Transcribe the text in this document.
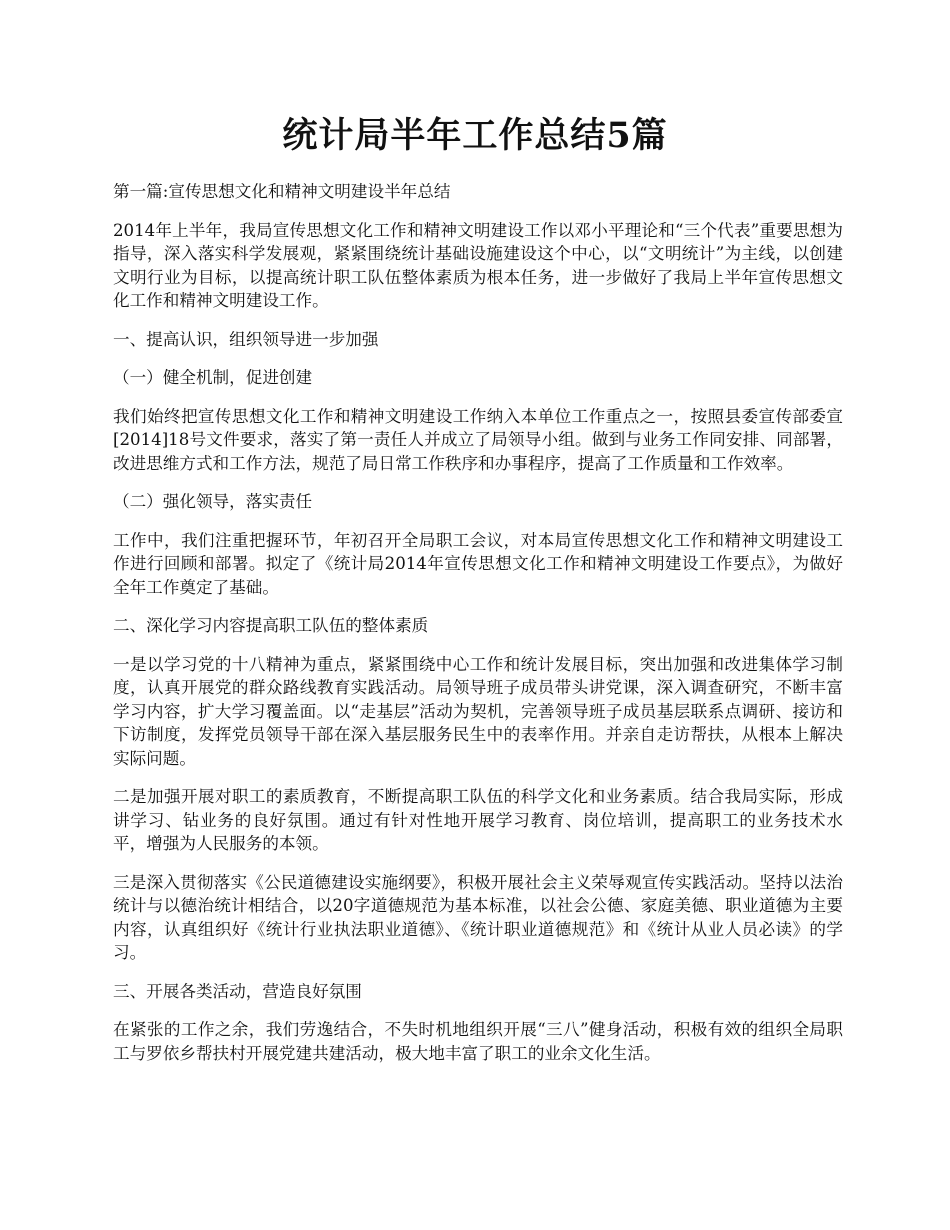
统计局半年工作总结5篇

第一篇:宣传思想文化和精神文明建设半年总结

2014年上半年，我局宣传思想文化工作和精神文明建设工作以邓小平理论和“三个代表”重要思想为指导，深入落实科学发展观，紧紧围绕统计基础设施建设这个中心，以“文明统计”为主线，以创建文明行业为目标，以提高统计职工队伍整体素质为根本任务，进一步做好了我局上半年宣传思想文化工作和精神文明建设工作。

一、提高认识，组织领导进一步加强

（一）健全机制，促进创建

我们始终把宣传思想文化工作和精神文明建设工作纳入本单位工作重点之一，按照县委宣传部委宣[2014]18号文件要求，落实了第一责任人并成立了局领导小组。做到与业务工作同安排、同部署，改进思维方式和工作方法，规范了局日常工作秩序和办事程序，提高了工作质量和工作效率。

（二）强化领导，落实责任

工作中，我们注重把握环节，年初召开全局职工会议，对本局宣传思想文化工作和精神文明建设工作进行回顾和部署。拟定了《统计局2014年宣传思想文化工作和精神文明建设工作要点》，为做好全年工作奠定了基础。

二、深化学习内容提高职工队伍的整体素质

一是以学习党的十八精神为重点，紧紧围绕中心工作和统计发展目标，突出加强和改进集体学习制度，认真开展党的群众路线教育实践活动。局领导班子成员带头讲党课，深入调查研究，不断丰富学习内容，扩大学习覆盖面。以“走基层”活动为契机，完善领导班子成员基层联系点调研、接访和下访制度，发挥党员领导干部在深入基层服务民生中的表率作用。并亲自走访帮扶，从根本上解决实际问题。

二是加强开展对职工的素质教育，不断提高职工队伍的科学文化和业务素质。结合我局实际，形成讲学习、钻业务的良好氛围。通过有针对性地开展学习教育、岗位培训，提高职工的业务技术水平，增强为人民服务的本领。

三是深入贯彻落实《公民道德建设实施纲要》，积极开展社会主义荣辱观宣传实践活动。坚持以法治统计与以德治统计相结合，以20字道德规范为基本标准，以社会公德、家庭美德、职业道德为主要内容，认真组织好《统计行业执法职业道德》、《统计职业道德规范》和《统计从业人员必读》的学习。

三、开展各类活动，营造良好氛围

在紧张的工作之余，我们劳逸结合，不失时机地组织开展“三八”健身活动，积极有效的组织全局职工与罗依乡帮扶村开展党建共建活动，极大地丰富了职工的业余文化生活。
